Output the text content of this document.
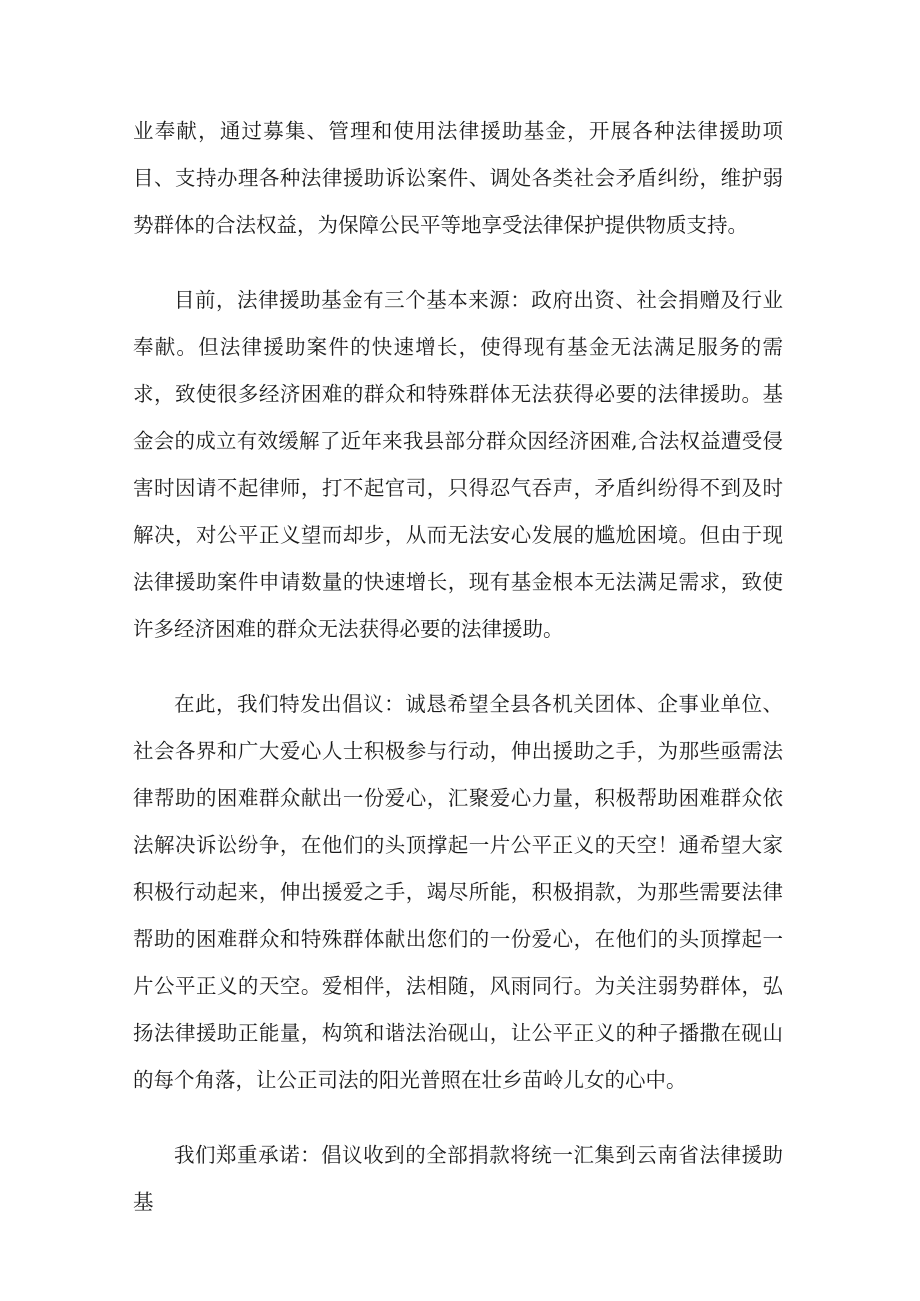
业奉献，通过募集、管理和使用法律援助基金，开展各种法律援助项目、支持办理各种法律援助诉讼案件、调处各类社会矛盾纠纷，维护弱势群体的合法权益，为保障公民平等地享受法律保护提供物质支持。

目前，法律援助基金有三个基本来源：政府出资、社会捐赠及行业奉献。但法律援助案件的快速增长，使得现有基金无法满足服务的需求，致使很多经济困难的群众和特殊群体无法获得必要的法律援助。基金会的成立有效缓解了近年来我县部分群众因经济困难,合法权益遭受侵害时因请不起律师，打不起官司，只得忍气吞声，矛盾纠纷得不到及时解决，对公平正义望而却步，从而无法安心发展的尴尬困境。但由于现法律援助案件申请数量的快速增长，现有基金根本无法满足需求，致使许多经济困难的群众无法获得必要的法律援助。

在此，我们特发出倡议：诚恳希望全县各机关团体、企事业单位、社会各界和广大爱心人士积极参与行动，伸出援助之手，为那些亟需法律帮助的困难群众献出一份爱心，汇聚爱心力量，积极帮助困难群众依法解决诉讼纷争，在他们的头顶撑起一片公平正义的天空！通希望大家积极行动起来，伸出援爱之手，竭尽所能，积极捐款，为那些需要法律帮助的困难群众和特殊群体献出您们的一份爱心，在他们的头顶撑起一片公平正义的天空。爱相伴，法相随，风雨同行。为关注弱势群体，弘扬法律援助正能量，构筑和谐法治砚山，让公平正义的种子播撒在砚山的每个角落，让公正司法的阳光普照在壮乡苗岭儿女的心中。

我们郑重承诺：倡议收到的全部捐款将统一汇集到云南省法律援助基
